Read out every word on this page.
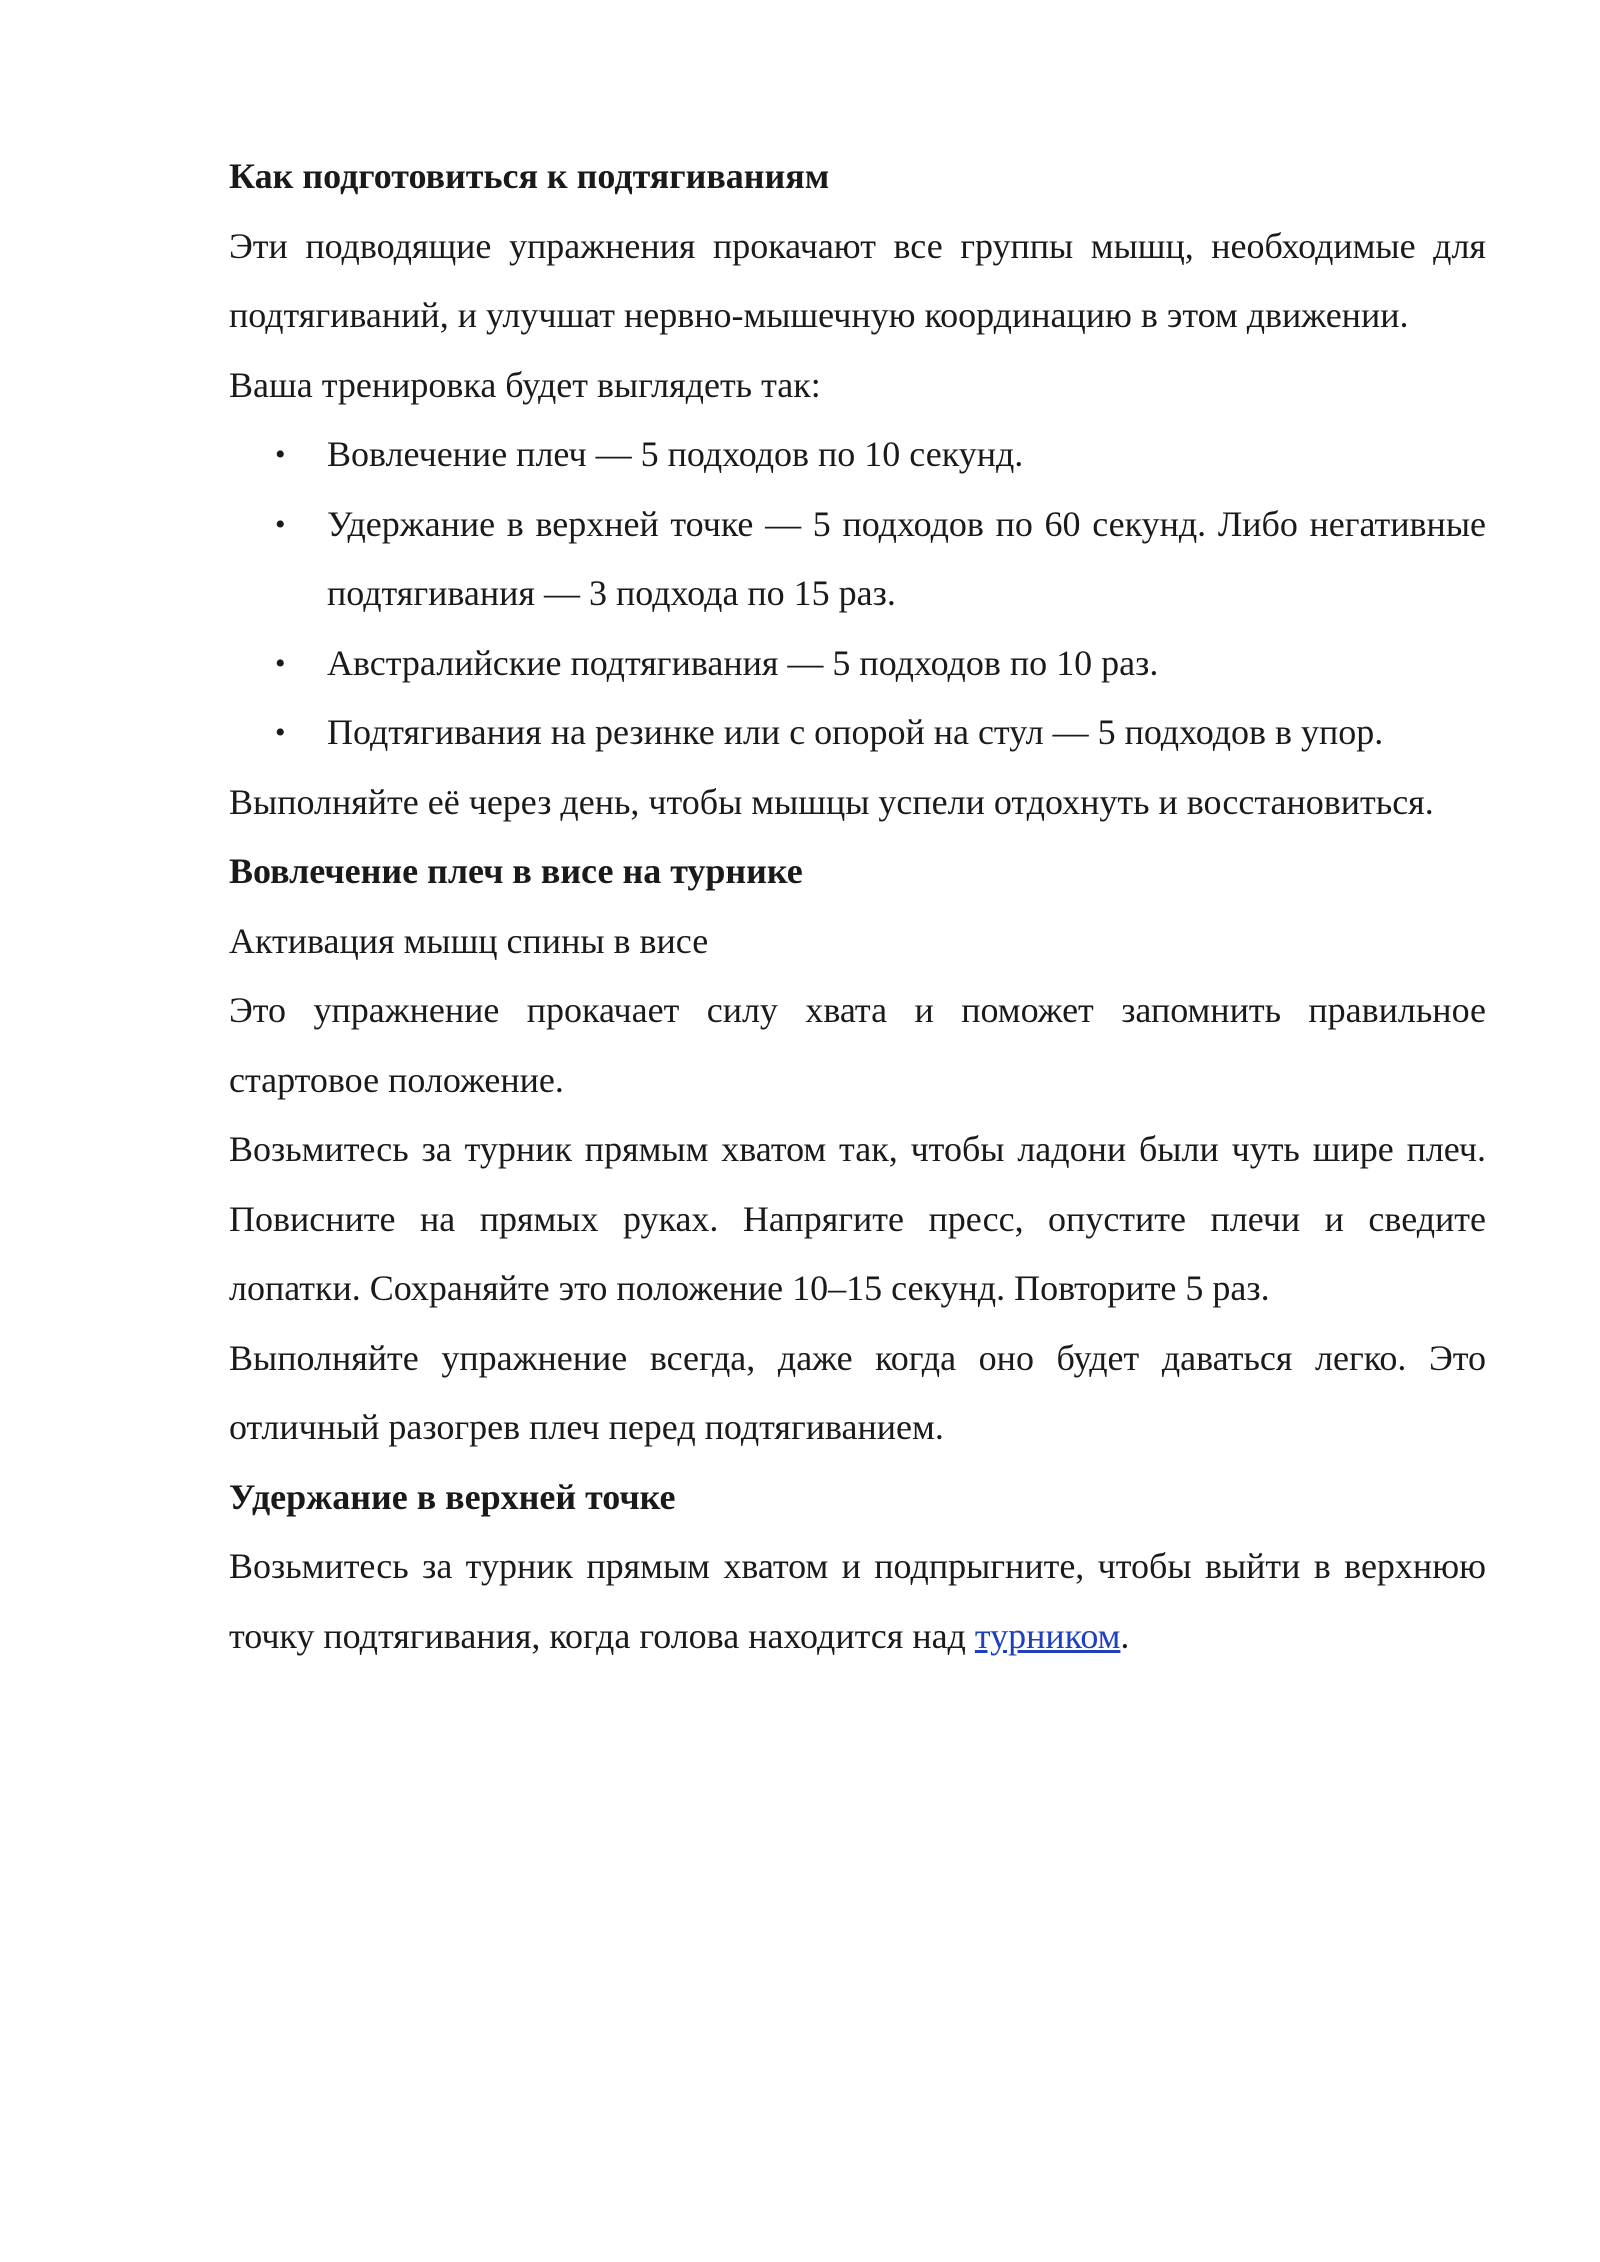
Как подготовиться к подтягиваниям

Эти подводящие упражнения прокачают все группы мышц, необходимые для подтягиваний, и улучшат нервно-мышечную координацию в этом движении.

Ваша тренировка будет выглядеть так:

• Вовлечение плеч — 5 подходов по 10 секунд.
• Удержание в верхней точке — 5 подходов по 60 секунд. Либо негативные подтягивания — 3 подхода по 15 раз.
• Австралийские подтягивания — 5 подходов по 10 раз.
• Подтягивания на резинке или с опорой на стул — 5 подходов в упор.

Выполняйте её через день, чтобы мышцы успели отдохнуть и восстановиться.

Вовлечение плеч в висе на турнике

Активация мышц спины в висе

Это упражнение прокачает силу хвата и поможет запомнить правильное стартовое положение.

Возьмитесь за турник прямым хватом так, чтобы ладони были чуть шире плеч. Повисните на прямых руках. Напрягите пресс, опустите плечи и сведите лопатки. Сохраняйте это положение 10–15 секунд. Повторите 5 раз.

Выполняйте упражнение всегда, даже когда оно будет даваться легко. Это отличный разогрев плеч перед подтягиванием.

Удержание в верхней точке

Возьмитесь за турник прямым хватом и подпрыгните, чтобы выйти в верхнюю точку подтягивания, когда голова находится над турником.
